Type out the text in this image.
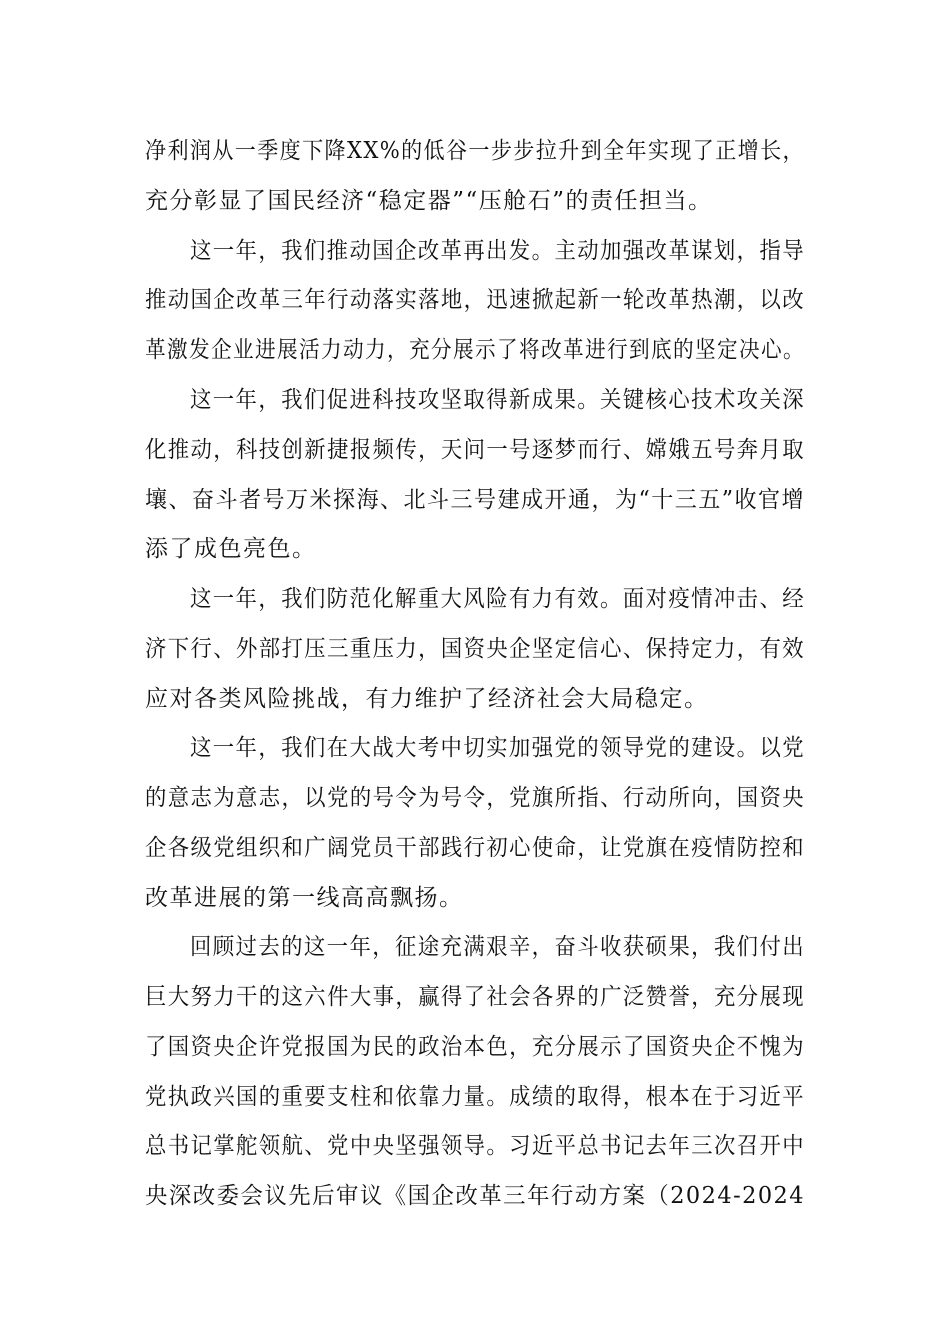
净利润从一季度下降XX%的低谷一步步拉升到全年实现了正增长，
充分彰显了国民经济“稳定器”“压舱石”的责任担当。
这一年，我们推动国企改革再出发。主动加强改革谋划，指导
推动国企改革三年行动落实落地，迅速掀起新一轮改革热潮，以改
革激发企业进展活力动力，充分展示了将改革进行到底的坚定决心。
这一年，我们促进科技攻坚取得新成果。关键核心技术攻关深
化推动，科技创新捷报频传，天问一号逐梦而行、嫦娥五号奔月取
壤、奋斗者号万米探海、北斗三号建成开通，为“十三五”收官增
添了成色亮色。
这一年，我们防范化解重大风险有力有效。面对疫情冲击、经
济下行、外部打压三重压力，国资央企坚定信心、保持定力，有效
应对各类风险挑战，有力维护了经济社会大局稳定。
这一年，我们在大战大考中切实加强党的领导党的建设。以党
的意志为意志，以党的号令为号令，党旗所指、行动所向，国资央
企各级党组织和广阔党员干部践行初心使命，让党旗在疫情防控和
改革进展的第一线高高飘扬。
回顾过去的这一年，征途充满艰辛，奋斗收获硕果，我们付出
巨大努力干的这六件大事，赢得了社会各界的广泛赞誉，充分展现
了国资央企许党报国为民的政治本色，充分展示了国资央企不愧为
党执政兴国的重要支柱和依靠力量。成绩的取得，根本在于习近平
总书记掌舵领航、党中央坚强领导。习近平总书记去年三次召开中
央深改委会议先后审议《国企改革三年行动方案（2024-2024
